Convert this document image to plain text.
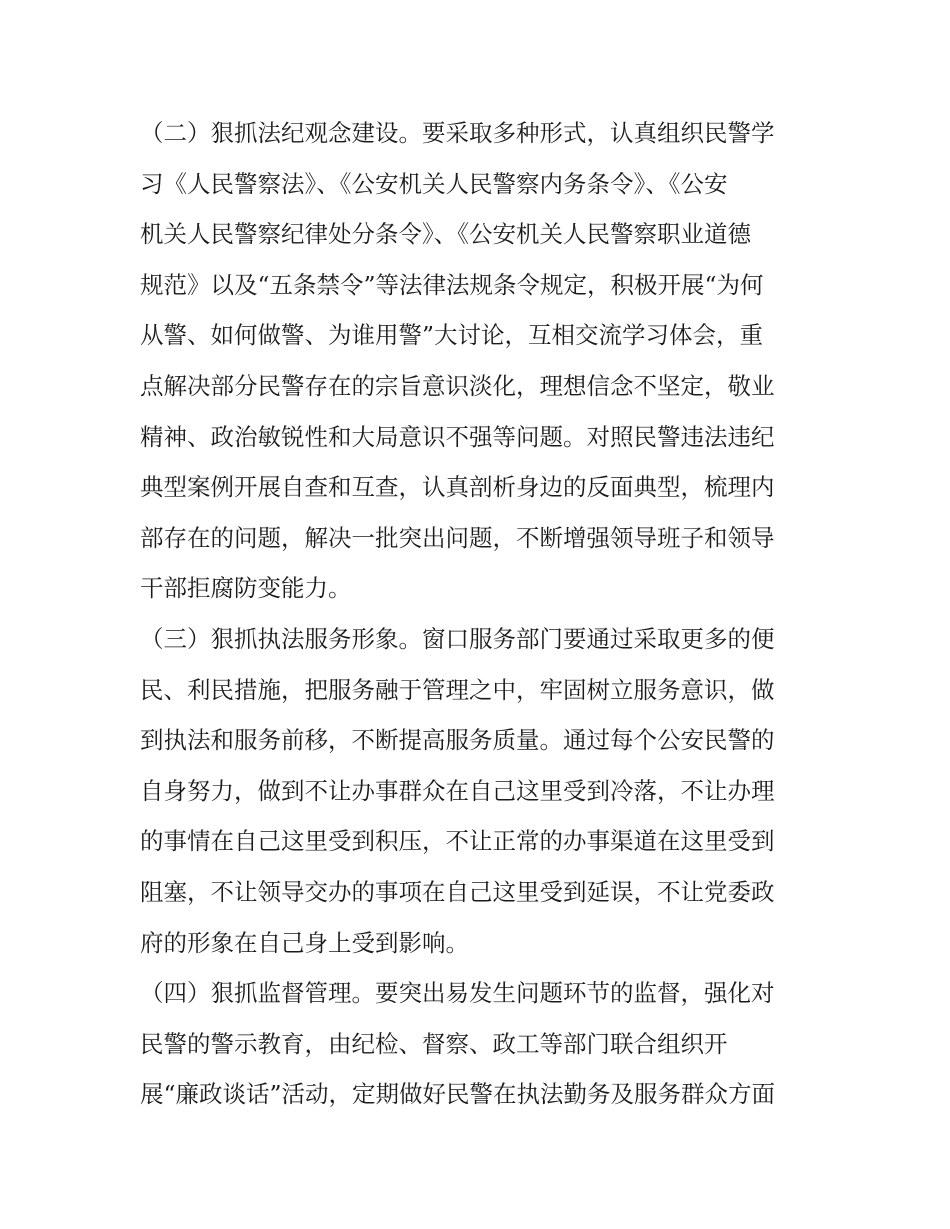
（二）狠抓法纪观念建设。要采取多种形式，认真组织民警学
习《人民警察法》、《公安机关人民警察内务条令》、《公安
机关人民警察纪律处分条令》、《公安机关人民警察职业道德
规范》以及“五条禁令”等法律法规条令规定，积极开展“为何
从警、如何做警、为谁用警”大讨论，互相交流学习体会，重
点解决部分民警存在的宗旨意识淡化，理想信念不坚定，敬业
精神、政治敏锐性和大局意识不强等问题。对照民警违法违纪
典型案例开展自查和互查，认真剖析身边的反面典型，梳理内
部存在的问题，解决一批突出问题，不断增强领导班子和领导
干部拒腐防变能力。
（三）狠抓执法服务形象。窗口服务部门要通过采取更多的便
民、利民措施，把服务融于管理之中，牢固树立服务意识，做
到执法和服务前移，不断提高服务质量。通过每个公安民警的
自身努力，做到不让办事群众在自己这里受到冷落，不让办理
的事情在自己这里受到积压，不让正常的办事渠道在这里受到
阻塞，不让领导交办的事项在自己这里受到延误，不让党委政
府的形象在自己身上受到影响。
（四）狠抓监督管理。要突出易发生问题环节的监督，强化对
民警的警示教育，由纪检、督察、政工等部门联合组织开
展“廉政谈话”活动，定期做好民警在执法勤务及服务群众方面
